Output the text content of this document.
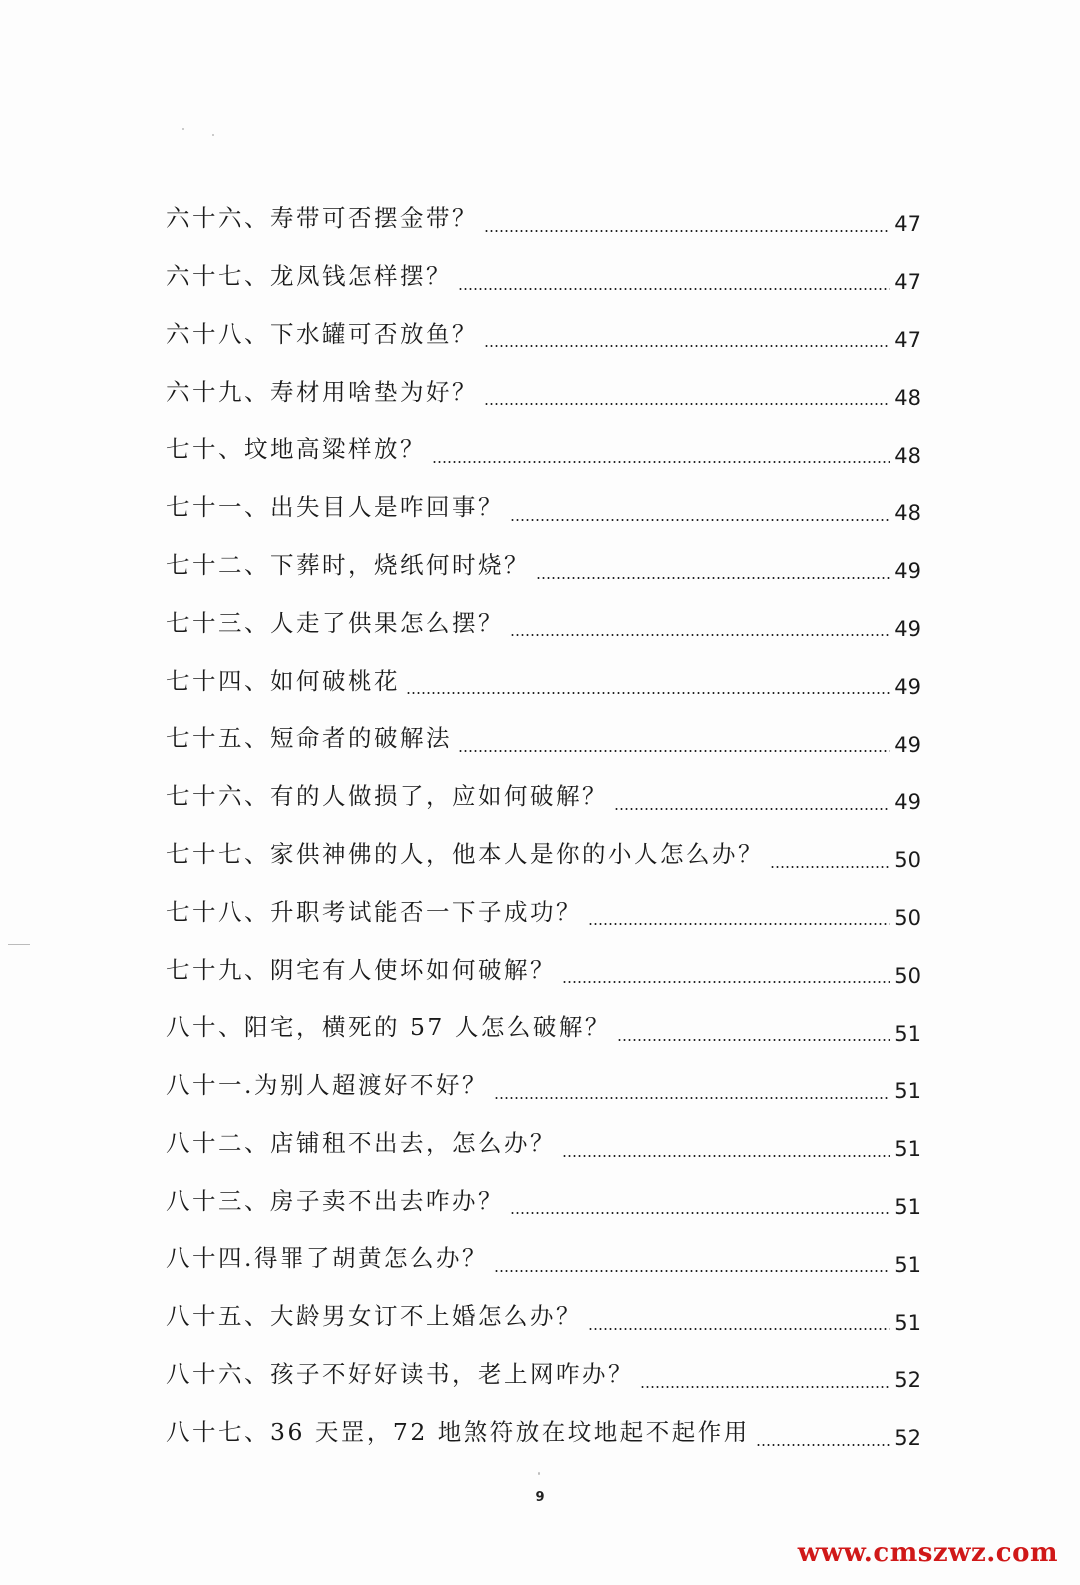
六十六、寿带可否摆金带？	47
六十七、龙凤钱怎样摆？	47
六十八、下水罐可否放鱼？	47
六十九、寿材用啥垫为好？	48
七十、坟地高粱样放？	48
七十一、出失目人是咋回事？	48
七十二、下葬时，烧纸何时烧？	49
七十三、人走了供果怎么摆？	49
七十四、如何破桃花	49
七十五、短命者的破解法	49
七十六、有的人做损了，应如何破解？	49
七十七、家供神佛的人，他本人是你的小人怎么办？	50
七十八、升职考试能否一下子成功？	50
七十九、阴宅有人使坏如何破解？	50
八十、阳宅，横死的 57 人怎么破解？	51
八十一.为别人超渡好不好？	51
八十二、店铺租不出去，怎么办？	51
八十三、房子卖不出去咋办？	51
八十四.得罪了胡黄怎么办？	51
八十五、大龄男女订不上婚怎么办？	51
八十六、孩子不好好读书，老上网咋办？	52
八十七、36 天罡，72 地煞符放在坟地起不起作用	52
9
www.cmszwz.com
